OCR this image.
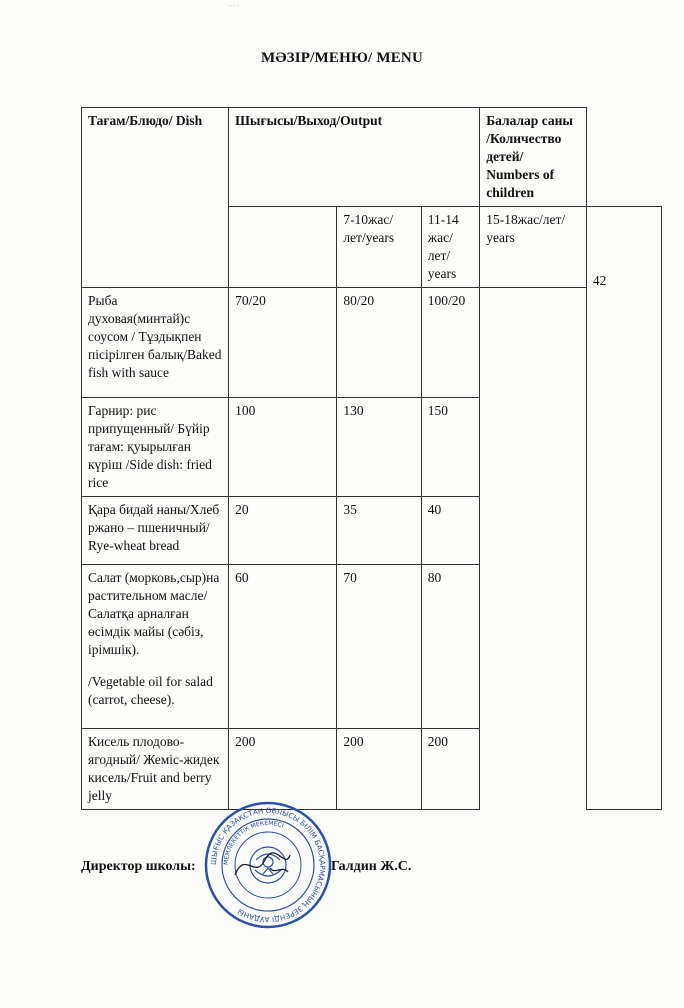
··· ·
МӘЗІР/МЕНЮ/ MENU
Тағам/Блюдо/ Dish	Шығысы/Выход/Output			Балалар саны /Количество детей/ Numbers of children	
		7-10жас/лет/years	11-14 жас/лет/ years	15-18жас/лет/ years	42

Рыба духовая(минтай)с соусом / Тұздықпен пісірілген балық/Baked fish with sauce	70/20	80/20	100/20		
Гарнир: рис припущенный/ Бүйір тағам: қуырылған күріш /Side dish: fried rice	100	130	150		
Қара бидай наны/Хлеб ржано – пшеничный/ Rye-wheat bread	20	35	40		

Салат (морковь,сыр)на растительном масле/ Салатқа арналған өсімдік майы (сәбіз, ірімшік).
/Vegetable oil for salad (carrot, cheese).	60	70	80		
Кисель плодово-ягодный/ Жеміс-жидек кисель/Fruit and berry jelly	200	200	200		
Директор школы: ШЫҒЫС ҚАЗАҚСТАН ОБЛЫСЫ БІЛІМ БАСҚАРМАСЫНЫҢ ЗЕРЕНДІ АУДАНЫ
МЕМЛЕКЕТТІК МЕКЕМЕСІ
Галдин Ж.С.
